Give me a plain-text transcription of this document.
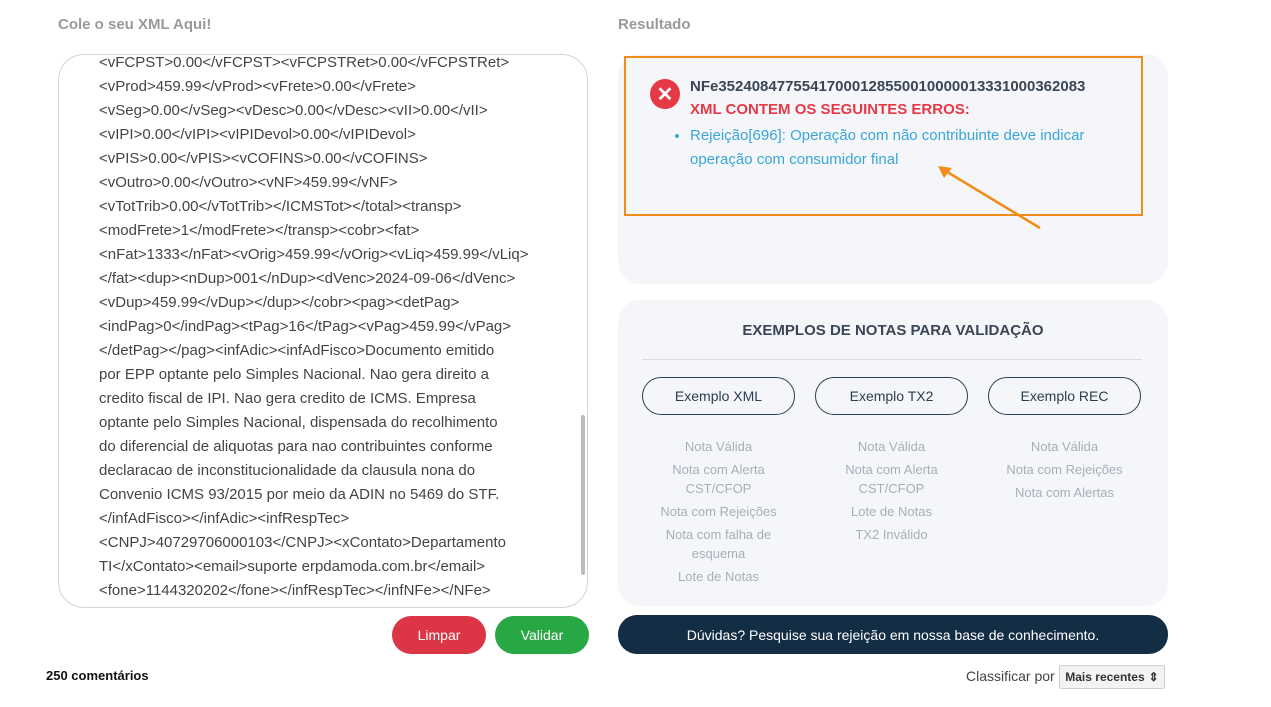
Cole o seu XML Aqui!	Resultado
<vFCPST>0.00</vFCPST><vFCPSTRet>0.00</vFCPSTRet>
<vProd>459.99</vProd><vFrete>0.00</vFrete>
<vSeg>0.00</vSeg><vDesc>0.00</vDesc><vII>0.00</vII>
<vIPI>0.00</vIPI><vIPIDevol>0.00</vIPIDevol>
<vPIS>0.00</vPIS><vCOFINS>0.00</vCOFINS>
<vOutro>0.00</vOutro><vNF>459.99</vNF>
<vTotTrib>0.00</vTotTrib></ICMSTot></total><transp>
<modFrete>1</modFrete></transp><cobr><fat>
<nFat>1333</nFat><vOrig>459.99</vOrig><vLiq>459.99</vLiq>
</fat><dup><nDup>001</nDup><dVenc>2024-09-06</dVenc>
<vDup>459.99</vDup></dup></cobr><pag><detPag>
<indPag>0</indPag><tPag>16</tPag><vPag>459.99</vPag>
</detPag></pag><infAdic><infAdFisco>Documento emitido
por EPP optante pelo Simples Nacional. Nao gera direito a
credito fiscal de IPI. Nao gera credito de ICMS. Empresa
optante pelo Simples Nacional, dispensada do recolhimento
do diferencial de aliquotas para nao contribuintes conforme
declaracao de inconstitucionalidade da clausula nona do
Convenio ICMS 93/2015 por meio da ADIN no 5469 do STF.
</infAdFisco></infAdic><infRespTec>
<CNPJ>40729706000103</CNPJ><xContato>Departamento
TI</xContato><email>suporte erpdamoda.com.br</email>
<fone>1144320202</fone></infRespTec></infNFe></NFe>
Limpar	Validar
✕	NFe35240847755417000128550010000013331000362083
XML CONTEM OS SEGUINTES ERROS:
• Rejeição[696]: Operação com não contribuinte deve indicar operação com consumidor final
EXEMPLOS DE NOTAS PARA VALIDAÇÃO
Exemplo XML
Nota Válida
Nota com Alerta CST/CFOP
Nota com Rejeições
Nota com falha de esquema
Lote de Notas
Exemplo TX2
Nota Válida
Nota com Alerta CST/CFOP
Lote de Notas
TX2 Inválido
Exemplo REC
Nota Válida
Nota com Rejeições
Nota com Alertas
Dúvidas? Pesquise sua rejeição em nossa base de conhecimento.
250 comentários	Classificar por Mais recentes ⇕
